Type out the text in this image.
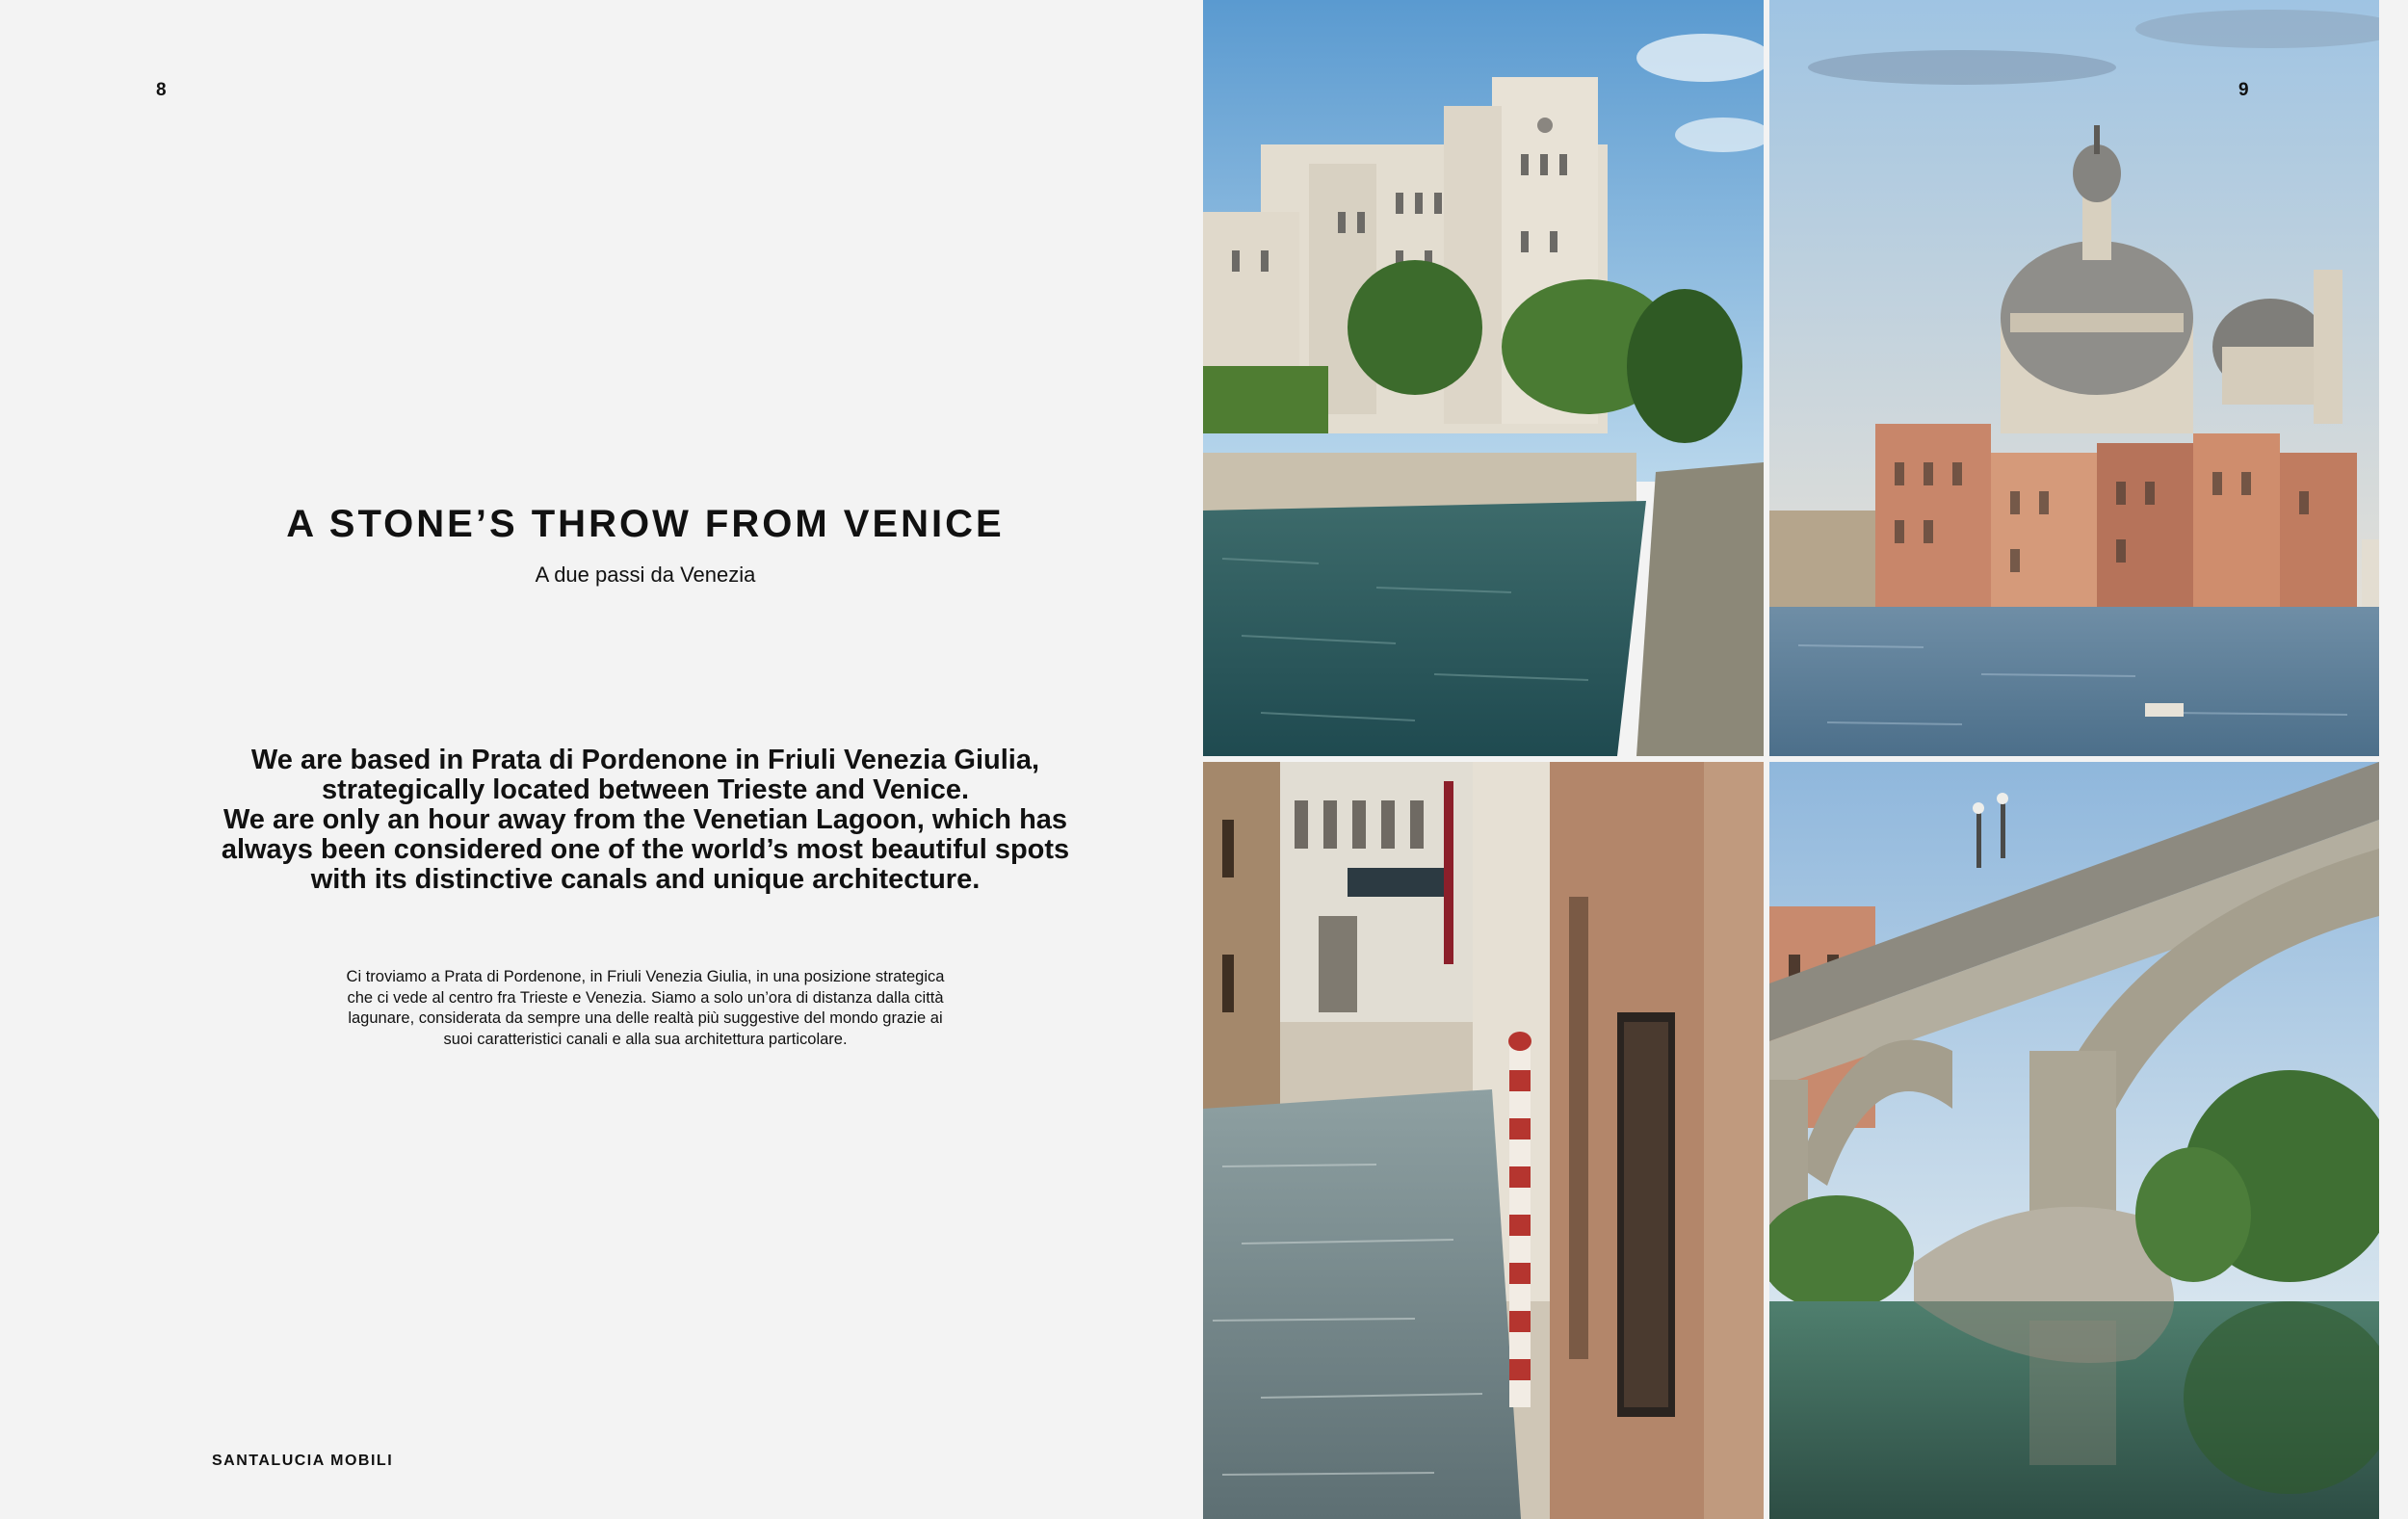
8
A STONE’S THROW FROM VENICE
A due passi da Venezia
We are based in Prata di Pordenone in Friuli Venezia Giulia,
strategically located between Trieste and Venice.
We are only an hour away from the Venetian Lagoon, which has
always been considered one of the world’s most beautiful spots
with its distinctive canals and unique architecture.
Ci troviamo a Prata di Pordenone, in Friuli Venezia Giulia, in una posizione strategica
che ci vede al centro fra Trieste e Venezia. Siamo a solo un’ora di distanza dalla città
lagunare, considerata da sempre una delle realtà più suggestive del mondo grazie ai
suoi caratteristici canali e alla sua architettura particolare.
SANTALUCIA MOBILI
9
